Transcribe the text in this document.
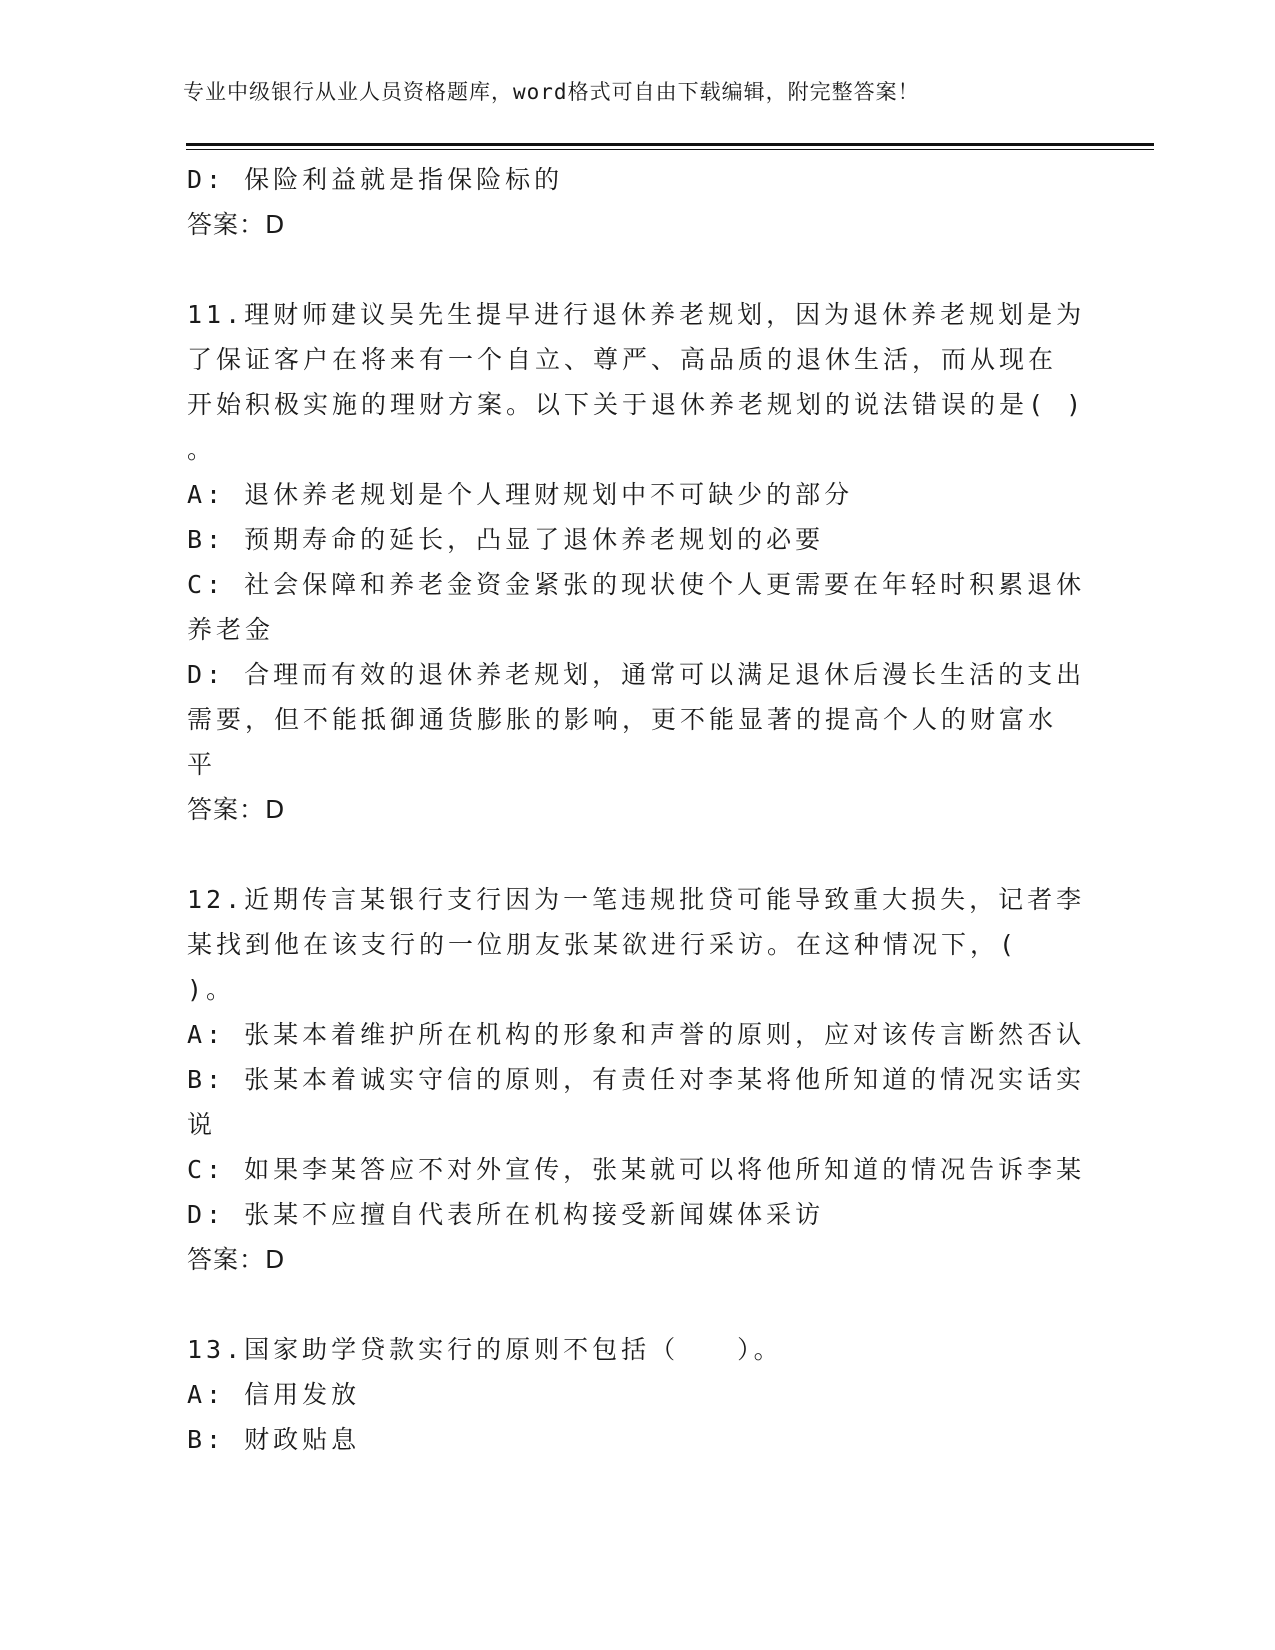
专业中级银行从业人员资格题库，word格式可自由下载编辑，附完整答案！
D: 保险利益就是指保险标的
答案：D
11.理财师建议吴先生提早进行退休养老规划，因为退休养老规划是为
了保证客户在将来有一个自立、尊严、高品质的退休生活，而从现在
开始积极实施的理财方案。以下关于退休养老规划的说法错误的是( )
。
A: 退休养老规划是个人理财规划中不可缺少的部分
B: 预期寿命的延长，凸显了退休养老规划的必要
C: 社会保障和养老金资金紧张的现状使个人更需要在年轻时积累退休
养老金
D: 合理而有效的退休养老规划，通常可以满足退休后漫长生活的支出
需要，但不能抵御通货膨胀的影响，更不能显著的提高个人的财富水
平
答案：D
12.近期传言某银行支行因为一笔违规批贷可能导致重大损失，记者李
某找到他在该支行的一位朋友张某欲进行采访。在这种情况下，(
)。
A: 张某本着维护所在机构的形象和声誉的原则，应对该传言断然否认
B: 张某本着诚实守信的原则，有责任对李某将他所知道的情况实话实
说
C: 如果李某答应不对外宣传，张某就可以将他所知道的情况告诉李某
D: 张某不应擅自代表所在机构接受新闻媒体采访
答案：D
13.国家助学贷款实行的原则不包括（　　）。
A: 信用发放
B: 财政贴息
